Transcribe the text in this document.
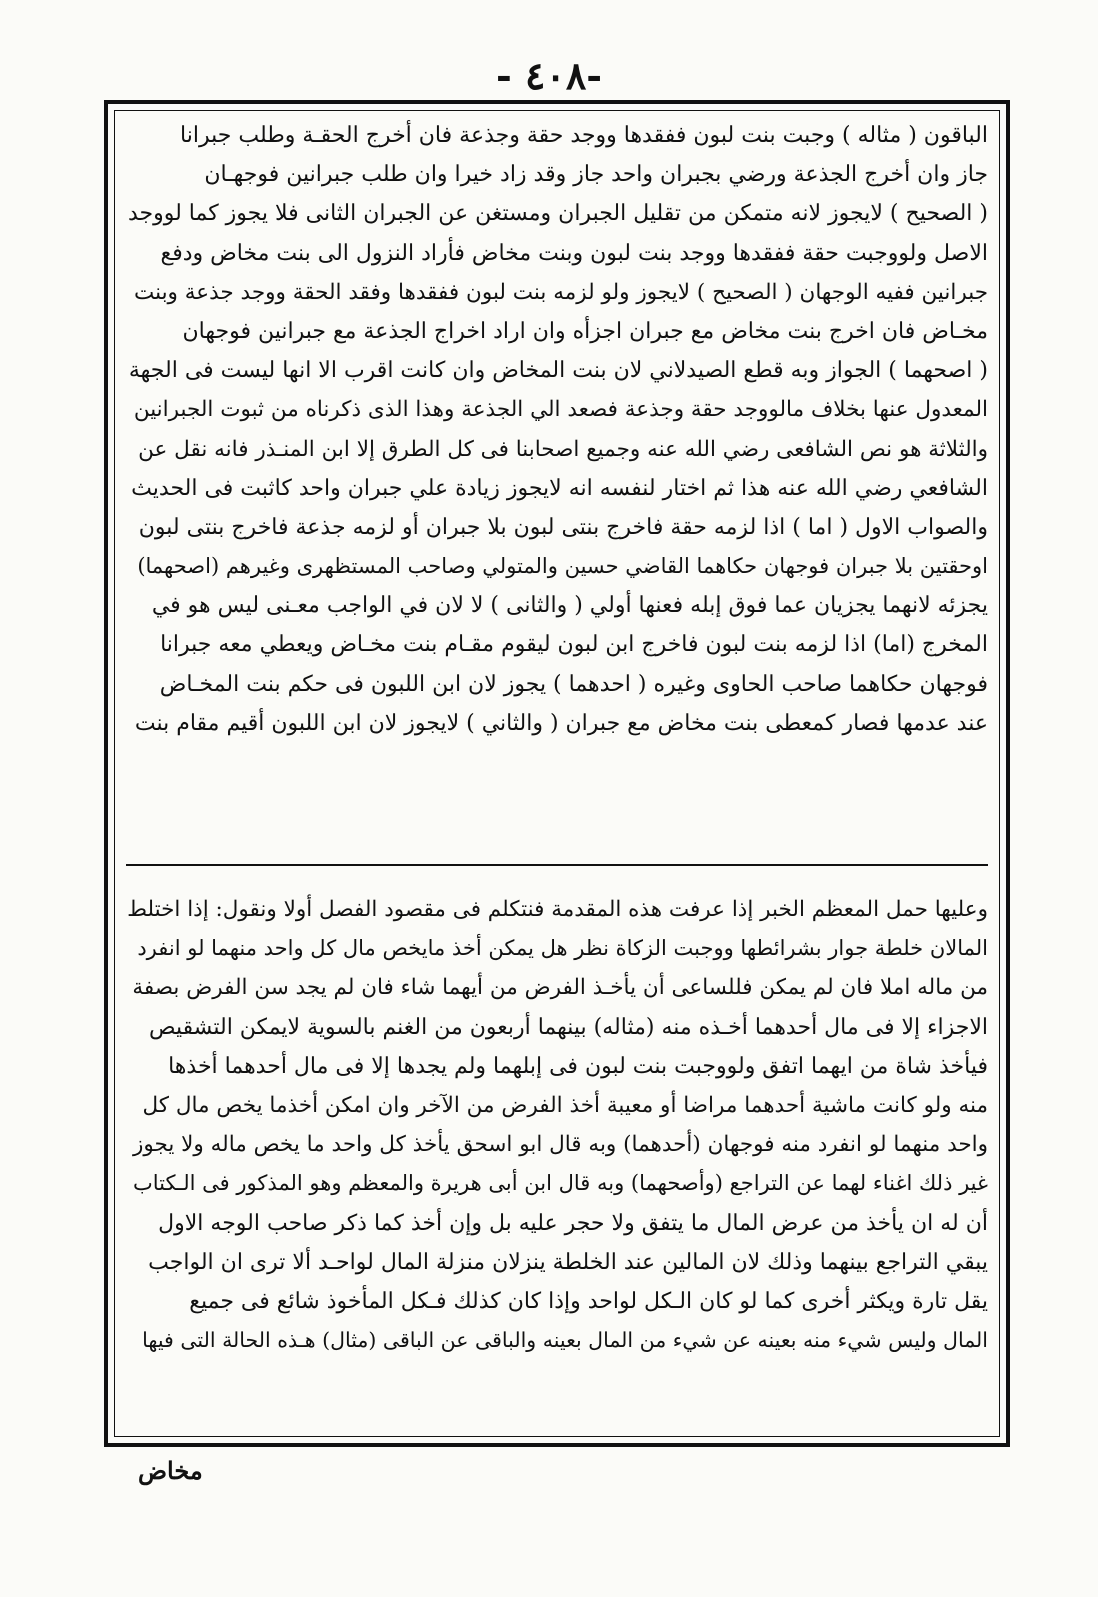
- ٤٠٨-
الباقون ( مثاله ) وجبت بنت لبون ففقدها ووجد حقة وجذعة فان أخرج الحقـة وطلب جبرانا
جاز وان أخرج الجذعة ورضي بجبران واحد جاز وقد زاد خيرا وان طلب جبرانين فوجهـان
( الصحيح ) لايجوز لانه متمكن من تقليل الجبران ومستغن عن الجبران الثانى فلا يجوز كما لووجد
الاصل ولووجبت حقة ففقدها ووجد بنت لبون وبنت مخاض فأراد النزول الى بنت مخاض ودفع
جبرانين ففيه الوجهان ( الصحيح ) لايجوز ولو لزمه بنت لبون ففقدها وفقد الحقة ووجد جذعة وبنت
مخـاض فان اخرج بنت مخاض مع جبران اجزأه وان اراد اخراج الجذعة مع جبرانين فوجهان
( اصحهما ) الجواز وبه قطع الصيدلاني لان بنت المخاض وان كانت اقرب الا انها ليست فى الجهة
المعدول عنها بخلاف مالووجد حقة وجذعة فصعد الي الجذعة وهذا الذى ذكرناه من ثبوت الجبرانين
والثلاثة هو نص الشافعى رضي الله عنه وجميع اصحابنا فى كل الطرق إلا ابن المنـذر فانه نقل عن
الشافعي رضي الله عنه هذا ثم اختار لنفسه انه لايجوز زيادة علي جبران واحد كاثبت فى الحديث
والصواب الاول ( اما ) اذا لزمه حقة فاخرج بنتى لبون بلا جبران أو لزمه جذعة فاخرج بنتى لبون
اوحقتين بلا جبران فوجهان حكاهما القاضي حسين والمتولي وصاحب المستظهرى وغيرهم (اصحهما)
يجزئه لانهما يجزيان عما فوق إبله فعنها أولي ( والثانى ) لا لان في الواجب معـنى ليس هو في
المخرج (اما) اذا لزمه بنت لبون فاخرج ابن لبون ليقوم مقـام بنت مخـاض ويعطي معه جبرانا
فوجهان حكاهما صاحب الحاوى وغيره ( احدهما ) يجوز لان ابن اللبون فى حكم بنت المخـاض
عند عدمها فصار كمعطى بنت مخاض مع جبران ( والثاني ) لايجوز لان ابن اللبون أقيم مقام بنت
وعليها حمل المعظم الخبر إذا عرفت هذه المقدمة فنتكلم فى مقصود الفصل أولا ونقول: إذا اختلط
المالان خلطة جوار بشرائطها ووجبت الزكاة نظر هل يمكن أخذ مايخص مال كل واحد منهما لو انفرد
من ماله املا فان لم يمكن فللساعى أن يأخـذ الفرض من أيهما شاء فان لم يجد سن الفرض بصفة
الاجزاء إلا فى مال أحدهما أخـذه منه (مثاله) بينهما أربعون من الغنم بالسوية لايمكن التشقيص
فيأخذ شاة من ايهما اتفق ولووجبت بنت لبون فى إبلهما ولم يجدها إلا فى مال أحدهما أخذها
منه ولو كانت ماشية أحدهما مراضا أو معيبة أخذ الفرض من الآخر وان امكن أخذما يخص مال كل
واحد منهما لو انفرد منه فوجهان (أحدهما) وبه قال ابو اسحق يأخذ كل واحد ما يخص ماله ولا يجوز
غير ذلك اغناء لهما عن التراجع (وأصحهما) وبه قال ابن أبى هريرة والمعظم وهو المذكور فى الـكتاب
أن له ان يأخذ من عرض المال ما يتفق ولا حجر عليه بل وإن أخذ كما ذكر صاحب الوجه الاول
يبقي التراجع بينهما وذلك لان المالين عند الخلطة ينزلان منزلة المال لواحـد ألا ترى ان الواجب
يقل تارة ويكثر أخرى كما لو كان الـكل لواحد وإذا كان كذلك فـكل المأخوذ شائع فى جميع
المال وليس شيء منه بعينه عن شيء من المال بعينه والباقى عن الباقى (مثال) هـذه الحالة التى فيها
مخاض
